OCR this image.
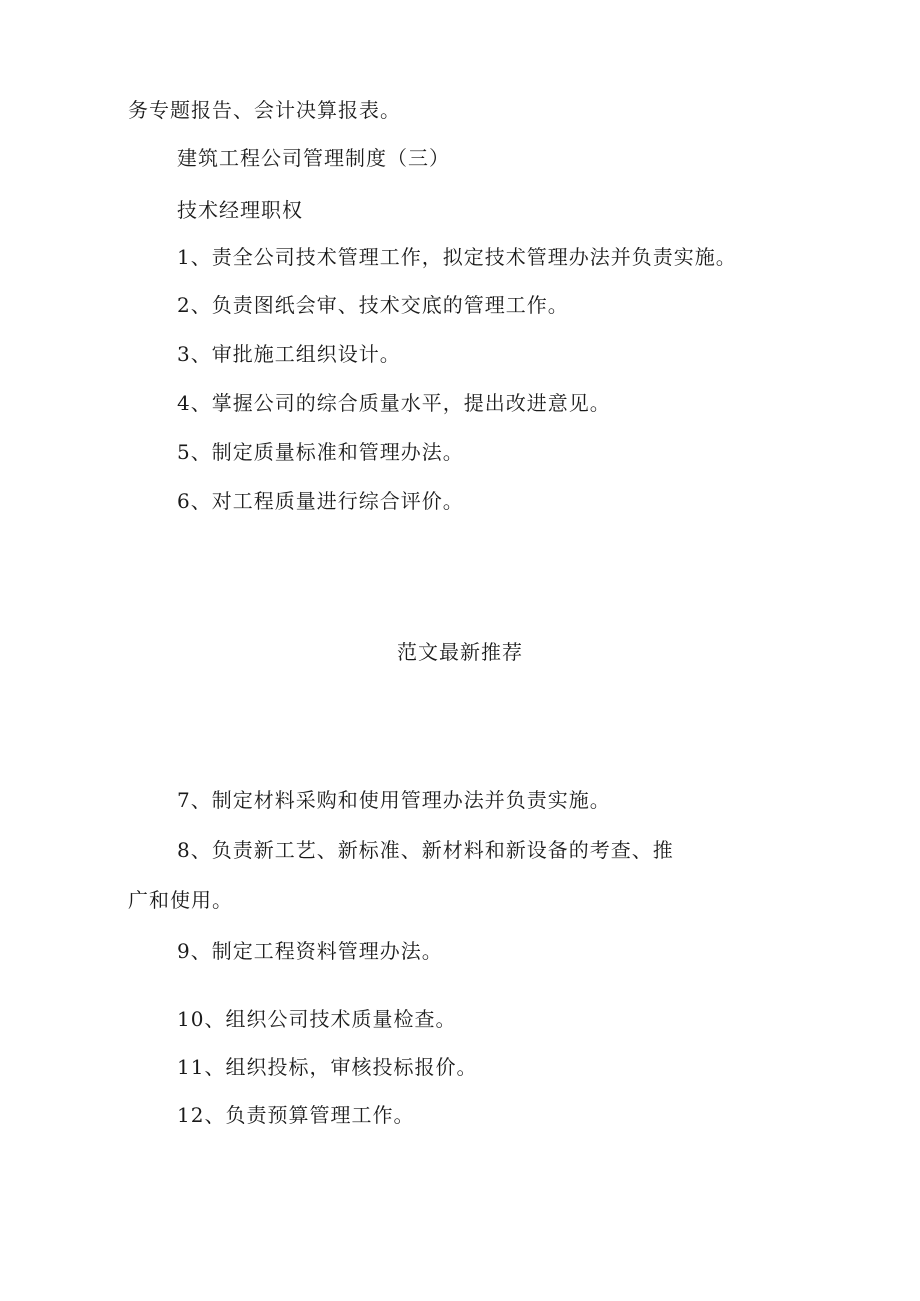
务专题报告、会计决算报表。
建筑工程公司管理制度（三）
技术经理职权
1、责全公司技术管理工作，拟定技术管理办法并负责实施。
2、负责图纸会审、技术交底的管理工作。
3、审批施工组织设计。
4、掌握公司的综合质量水平，提出改进意见。
5、制定质量标准和管理办法。
6、对工程质量进行综合评价。
范文最新推荐
7、制定材料采购和使用管理办法并负责实施。
8、负责新工艺、新标准、新材料和新设备的考查、推
广和使用。
9、制定工程资料管理办法。
10、组织公司技术质量检查。
11、组织投标，审核投标报价。
12、负责预算管理工作。
